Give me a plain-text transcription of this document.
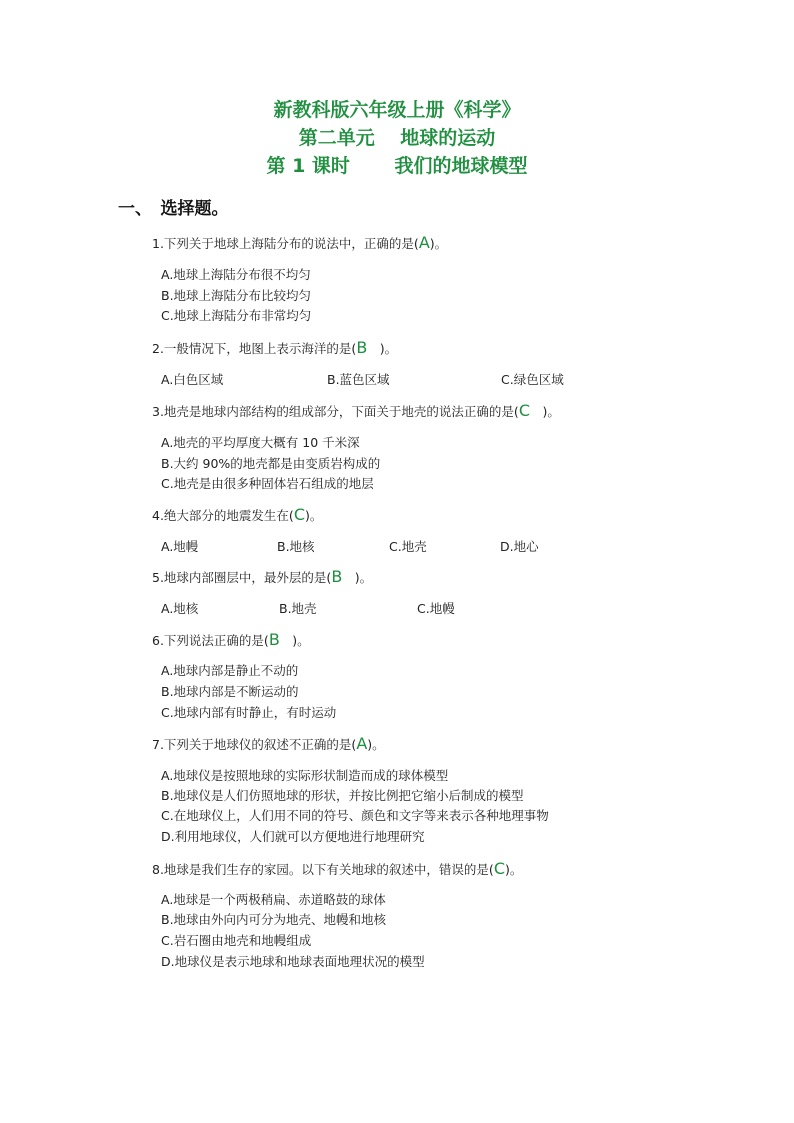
新教科版六年级上册《科学》
第二单元　 地球的运动
第 1 课时　　 我们的地球模型
一、　选择题。
1.下列关于地球上海陆分布的说法中，正确的是(A)。
A.地球上海陆分布很不均匀
B.地球上海陆分布比较均匀
C.地球上海陆分布非常均匀
2.一般情况下，地图上表示海洋的是(B　)。
A.白色区域	B.蓝色区域	C.绿色区域
3.地壳是地球内部结构的组成部分，下面关于地壳的说法正确的是(C　)。
A.地壳的平均厚度大概有 10 千米深
B.大约 90%的地壳都是由变质岩构成的
C.地壳是由很多种固体岩石组成的地层
4.绝大部分的地震发生在(C)。
A.地幔	B.地核	C.地壳	D.地心
5.地球内部圈层中，最外层的是(B　)。
A.地核	B.地壳	C.地幔
6.下列说法正确的是(B　)。
A.地球内部是静止不动的
B.地球内部是不断运动的
C.地球内部有时静止，有时运动
7.下列关于地球仪的叙述不正确的是(A)。
A.地球仪是按照地球的实际形状制造而成的球体模型
B.地球仪是人们仿照地球的形状，并按比例把它缩小后制成的模型
C.在地球仪上，人们用不同的符号、颜色和文字等来表示各种地理事物
D.利用地球仪，人们就可以方便地进行地理研究
8.地球是我们生存的家园。以下有关地球的叙述中，错误的是(C)。
A.地球是一个两极稍扁、赤道略鼓的球体
B.地球由外向内可分为地壳、地幔和地核
C.岩石圈由地壳和地幔组成
D.地球仪是表示地球和地球表面地理状况的模型
